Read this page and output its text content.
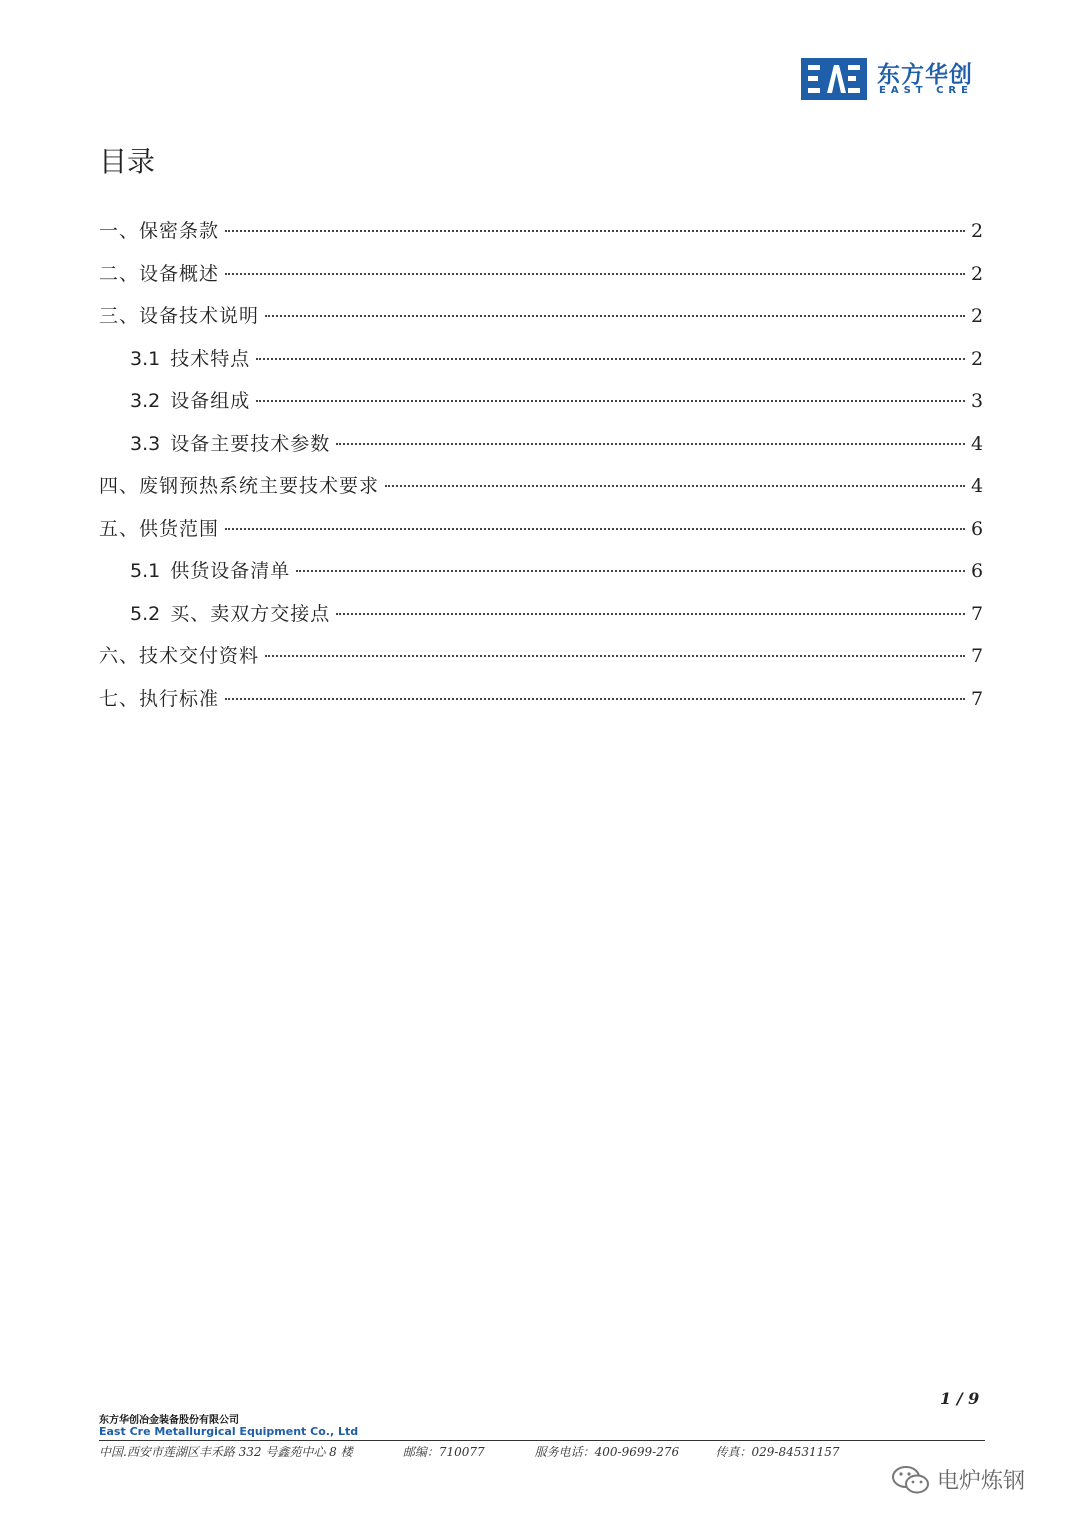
东方华创
EAST CRE
目录
一、保密条款	2
二、设备概述	2
三、设备技术说明	2
3.1 技术特点	2
3.2 设备组成	3
3.3 设备主要技术参数	4
四、废钢预热系统主要技术要求	4
五、供货范围	6
5.1 供货设备清单	6
5.2 买、卖双方交接点	7
六、技术交付资料	7
七、执行标准	7
1 / 9
东方华创冶金装备股份有限公司
East Cre Metallurgical Equipment Co., Ltd
中国.西安市莲湖区丰禾路 332 号鑫苑中心 8 楼	邮编：710077	服务电话：400-9699-276	传真：029-84531157
电炉炼钢
